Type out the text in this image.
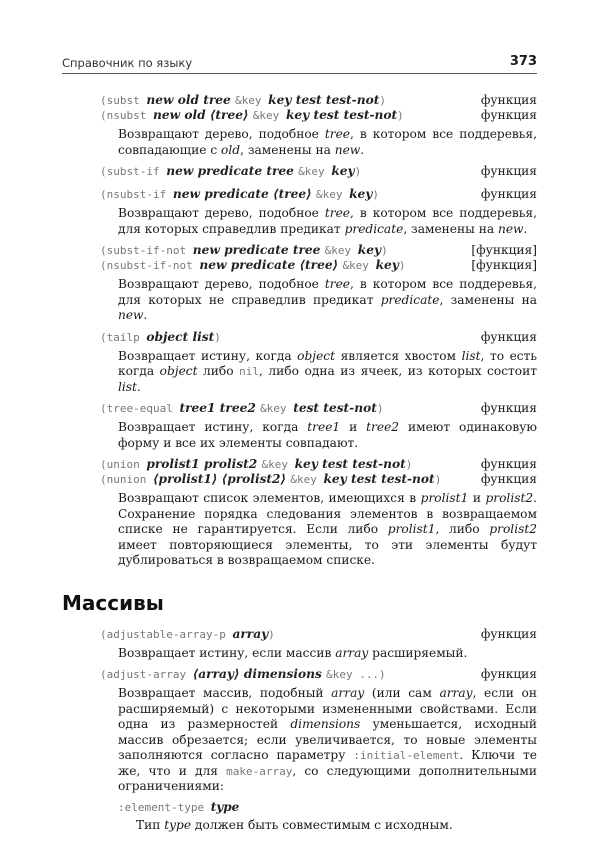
Справочник по языку	373
(subst new old tree &key key test test-not)	функция
(nsubst new old ⟨tree⟩ &key key test test-not)	функция
Возвращают дерево, подобное tree, в котором все поддеревья, совпадающие с old, заменены на new.
(subst-if new predicate tree &key key)	функция
(nsubst-if new predicate ⟨tree⟩ &key key)	функция
Возвращают дерево, подобное tree, в котором все поддеревья, для которых справедлив предикат predicate, заменены на new.
(subst-if-not new predicate tree &key key)	[функция]
(nsubst-if-not new predicate ⟨tree⟩ &key key)	[функция]
Возвращают дерево, подобное tree, в котором все поддеревья, для которых не справедлив предикат predicate, заменены на new.
(tailp object list)	функция
Возвращает истину, когда object является хвостом list, то есть когда object либо nil, либо одна из ячеек, из которых состоит list.
(tree-equal tree1 tree2 &key test test-not)	функция
Возвращает истину, когда tree1 и tree2 имеют одинаковую форму и все их элементы совпадают.
(union prolist1 prolist2 &key key test test-not)	функция
(nunion ⟨prolist1⟩ ⟨prolist2⟩ &key key test test-not)	функция
Возвращают список элементов, имеющихся в prolist1 и prolist2. Сохранение порядка следования элементов в возвращаемом списке не гарантируется. Если либо prolist1, либо prolist2 имеет повторяющиеся элементы, то эти элементы будут дублироваться в возвращаемом списке.
Массивы
(adjustable-array-p array)	функция
Возвращает истину, если массив array расширяемый.
(adjust-array ⟨array⟩ dimensions &key ...)	функция
Возвращает массив, подобный array (или сам array, если он расширяемый) с некоторыми измененными свойствами. Если одна из размерностей dimensions уменьшается, исходный массив обрезается; если увеличивается, то новые элементы заполняются согласно параметру :initial-element. Ключи те же, что и для make-array, со следующими дополнительными ограничениями:
:element-type type
Тип type должен быть совместимым с исходным.
